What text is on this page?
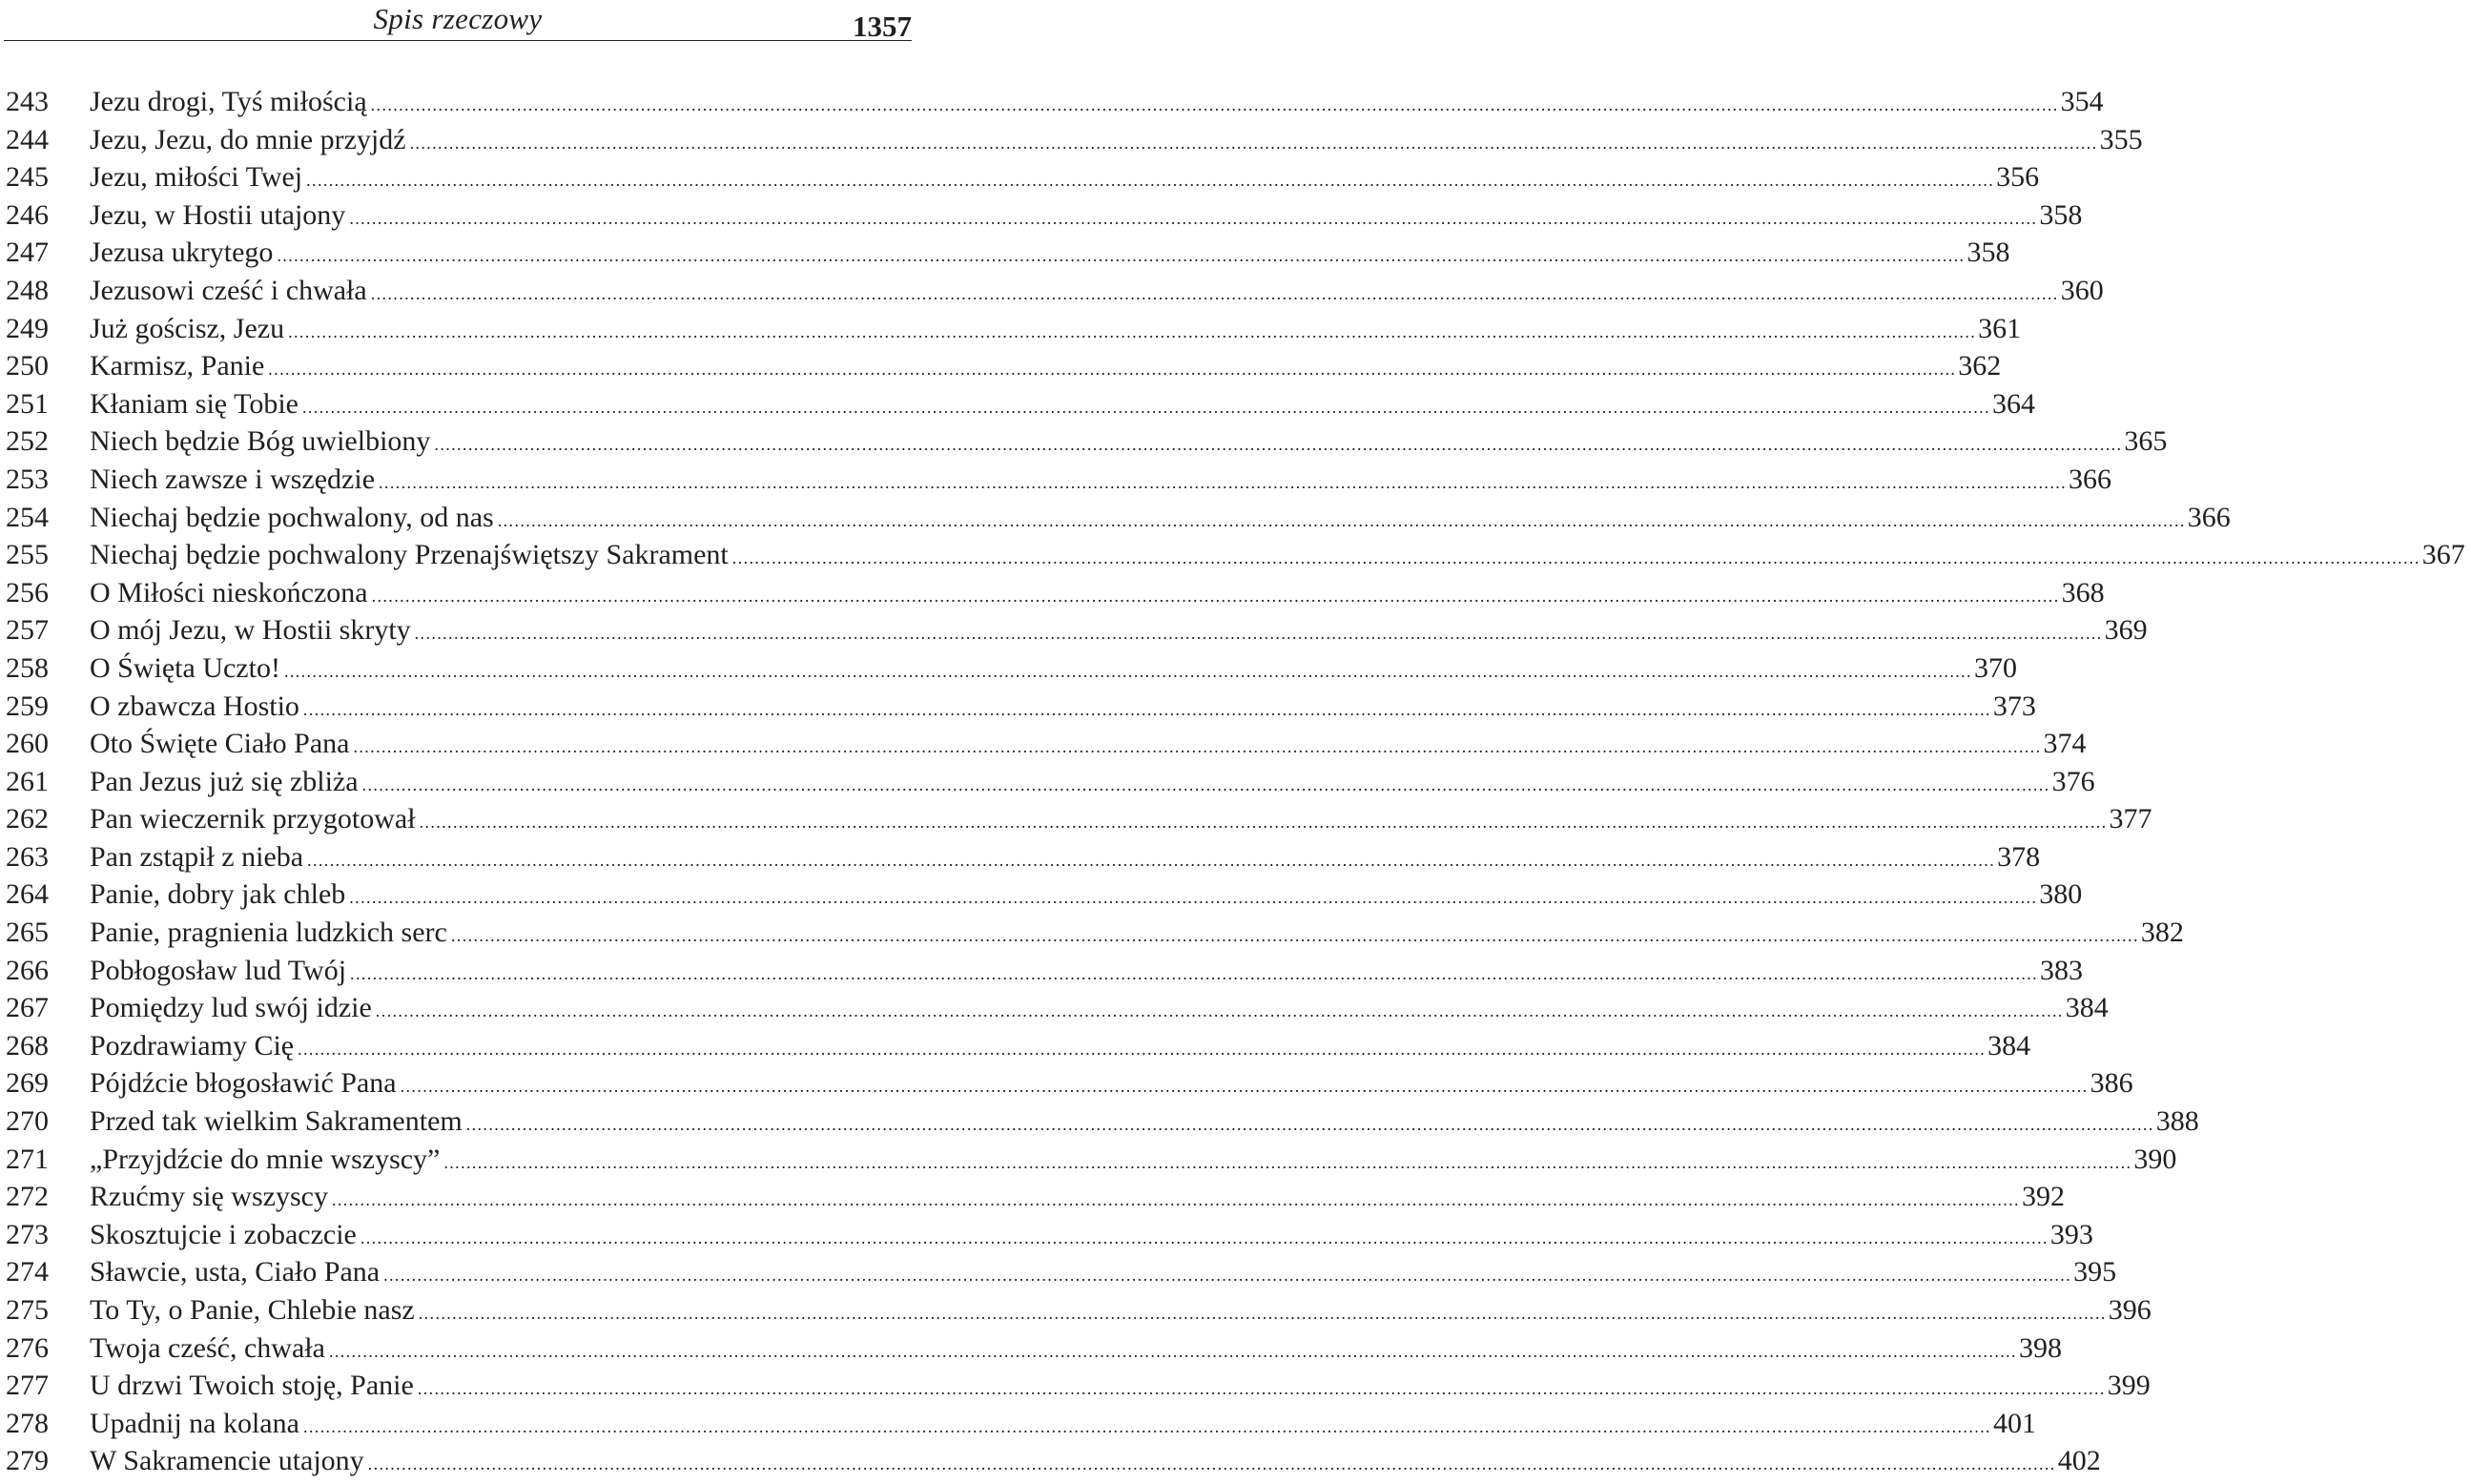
Spis rzeczowy	1357
243	Jezu drogi, Tyś miłością ............................................................................................................................................................................................................................................................................................................ 354
244	Jezu, Jezu, do mnie przyjdź ............................................................................................................................................................................................................................................................................................................ 355
245	Jezu, miłości Twej ............................................................................................................................................................................................................................................................................................................ 356
246	Jezu, w Hostii utajony ............................................................................................................................................................................................................................................................................................................ 358
247	Jezusa ukrytego ............................................................................................................................................................................................................................................................................................................ 358
248	Jezusowi cześć i chwała ............................................................................................................................................................................................................................................................................................................ 360
249	Już gościsz, Jezu ............................................................................................................................................................................................................................................................................................................ 361
250	Karmisz, Panie ............................................................................................................................................................................................................................................................................................................ 362
251	Kłaniam się Tobie ............................................................................................................................................................................................................................................................................................................ 364
252	Niech będzie Bóg uwielbiony ............................................................................................................................................................................................................................................................................................................ 365
253	Niech zawsze i wszędzie ............................................................................................................................................................................................................................................................................................................ 366
254	Niechaj będzie pochwalony, od nas ............................................................................................................................................................................................................................................................................................................ 366
255	Niechaj będzie pochwalony Przenajświętszy Sakrament ............................................................................................................................................................................................................................................................................................................ 367
256	O Miłości nieskończona ............................................................................................................................................................................................................................................................................................................ 368
257	O mój Jezu, w Hostii skryty ............................................................................................................................................................................................................................................................................................................ 369
258	O Święta Uczto! ............................................................................................................................................................................................................................................................................................................ 370
259	O zbawcza Hostio ............................................................................................................................................................................................................................................................................................................ 373
260	Oto Święte Ciało Pana ............................................................................................................................................................................................................................................................................................................ 374
261	Pan Jezus już się zbliża ............................................................................................................................................................................................................................................................................................................ 376
262	Pan wieczernik przygotował ............................................................................................................................................................................................................................................................................................................ 377
263	Pan zstąpił z nieba ............................................................................................................................................................................................................................................................................................................ 378
264	Panie, dobry jak chleb ............................................................................................................................................................................................................................................................................................................ 380
265	Panie, pragnienia ludzkich serc ............................................................................................................................................................................................................................................................................................................ 382
266	Pobłogosław lud Twój ............................................................................................................................................................................................................................................................................................................ 383
267	Pomiędzy lud swój idzie ............................................................................................................................................................................................................................................................................................................ 384
268	Pozdrawiamy Cię ............................................................................................................................................................................................................................................................................................................ 384
269	Pójdźcie błogosławić Pana ............................................................................................................................................................................................................................................................................................................ 386
270	Przed tak wielkim Sakramentem ............................................................................................................................................................................................................................................................................................................ 388
271	„Przyjdźcie do mnie wszyscy” ............................................................................................................................................................................................................................................................................................................ 390
272	Rzućmy się wszyscy ............................................................................................................................................................................................................................................................................................................ 392
273	Skosztujcie i zobaczcie ............................................................................................................................................................................................................................................................................................................ 393
274	Sławcie, usta, Ciało Pana ............................................................................................................................................................................................................................................................................................................ 395
275	To Ty, o Panie, Chlebie nasz ............................................................................................................................................................................................................................................................................................................ 396
276	Twoja cześć, chwała ............................................................................................................................................................................................................................................................................................................ 398
277	U drzwi Twoich stoję, Panie ............................................................................................................................................................................................................................................................................................................ 399
278	Upadnij na kolana ............................................................................................................................................................................................................................................................................................................ 401
279	W Sakramencie utajony ............................................................................................................................................................................................................................................................................................................ 402
